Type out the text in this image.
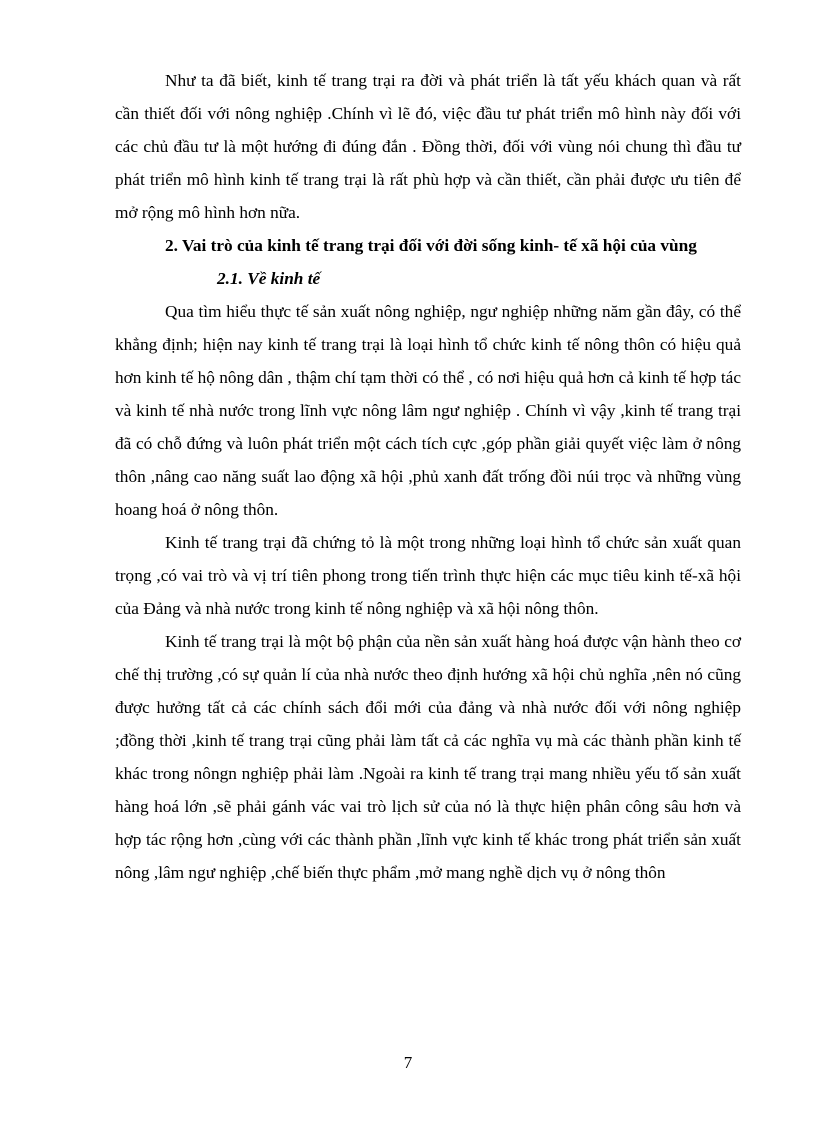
Như ta đã biết, kinh tế trang trại ra đời và phát triển là tất yếu khách quan và rất cần thiết đối với nông nghiệp .Chính vì lẽ đó, việc đầu tư phát triển mô hình này đối với các chủ đầu tư là một hướng đi đúng đắn . Đồng thời, đối với vùng nói chung thì đầu tư phát triển mô hình kinh tế trang trại là rất phù hợp và cần thiết, cần phải được ưu tiên để mở rộng mô hình hơn nữa.

2. Vai trò của kinh tế trang trại đối với đời sống kinh- tế xã hội của vùng

2.1. Về kinh tế

Qua tìm hiểu thực tế sản xuất nông nghiệp, ngư nghiệp những năm gần đây, có thể khẳng định; hiện nay kinh tế trang trại là loại hình tổ chức kinh tế nông thôn có hiệu quả hơn kinh tế hộ nông dân , thậm chí tạm thời có thể , có nơi hiệu quả hơn cả kinh tế hợp tác và kinh tế nhà nước trong lĩnh vực nông lâm ngư nghiệp . Chính vì vậy ,kinh tế trang trại đã có chỗ đứng và luôn phát triển một cách tích cực ,góp phần giải quyết việc làm ở nông thôn ,nâng cao năng suất lao động xã hội ,phủ xanh đất trống đồi núi trọc và những vùng hoang hoá ở nông thôn.

Kinh tế trang trại đã chứng tỏ là một trong những loại hình tổ chức sản xuất quan trọng ,có vai trò và vị trí tiên phong trong tiến trình thực hiện các mục tiêu kinh tế-xã hội của Đảng và nhà nước trong kinh tế nông nghiệp và xã hội nông thôn.

Kinh tế trang trại là một bộ phận của nền sản xuất hàng hoá được vận hành theo cơ chế thị trường ,có sự quản lí của nhà nước theo định hướng xã hội chủ nghĩa ,nên nó cũng được hưởng tất cả các chính sách đổi mới của đảng và nhà nước đối với nông nghiệp ;đồng thời ,kinh tế trang trại cũng phải làm tất cả các nghĩa vụ mà các thành phần kinh tế khác trong nôngn nghiệp phải làm .Ngoài ra kinh tế trang trại mang nhiều yếu tố sản xuất hàng hoá lớn ,sẽ phải gánh vác vai trò lịch sử của nó là thực hiện phân công sâu hơn và hợp tác rộng hơn ,cùng với các thành phần ,lĩnh vực kinh tế khác trong phát triển sản xuất nông ,lâm ngư nghiệp ,chế biến thực phẩm ,mở mang nghề dịch vụ ở nông thôn

7
